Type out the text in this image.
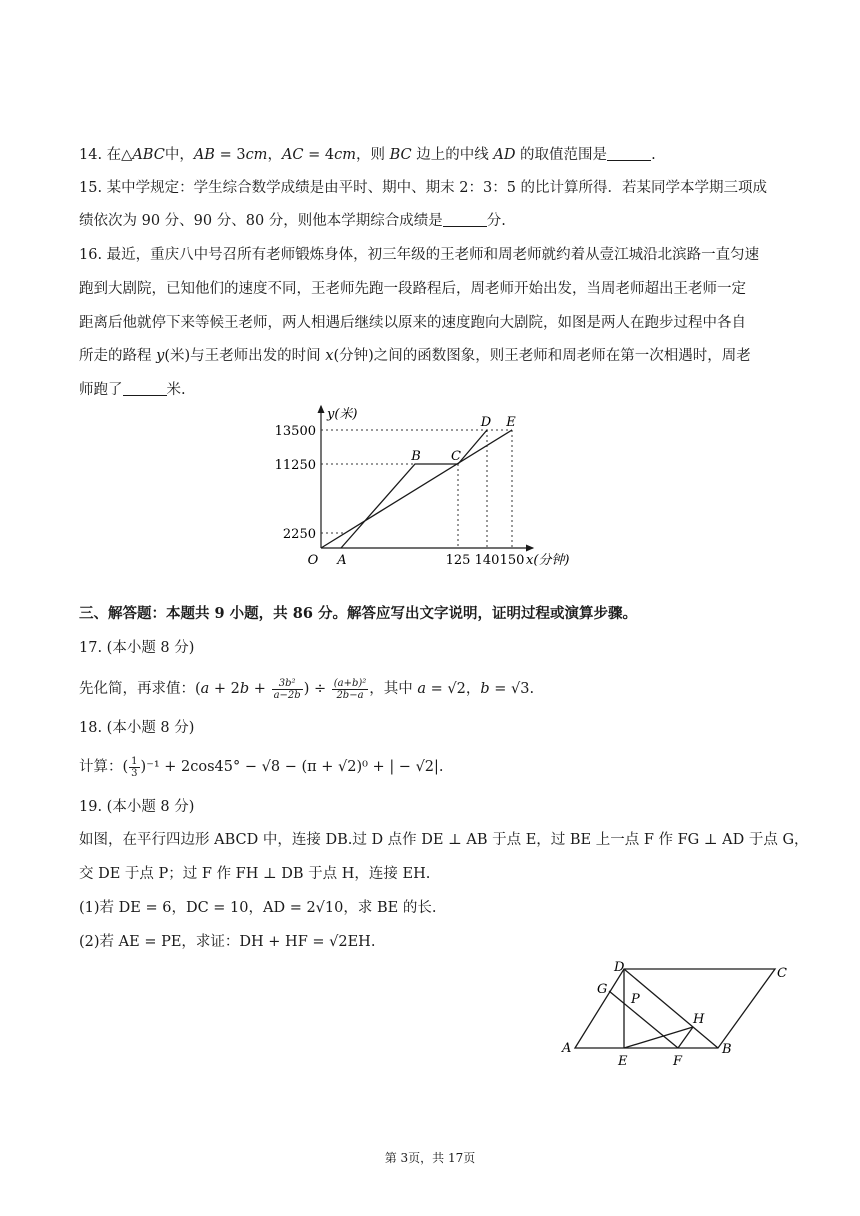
14. 在△ABC中，AB = 3cm，AC = 4cm，则 BC 边上的中线 AD 的取值范围是	.
15. 某中学规定：学生综合数学成绩是由平时、期中、期末 2：3：5 的比计算所得．若某同学本学期三项成
绩依次为 90 分、90 分、80 分，则他本学期综合成绩是	分.
16. 最近，重庆八中号召所有老师锻炼身体，初三年级的王老师和周老师就约着从壹江城沿北滨路一直匀速
跑到大剧院，已知他们的速度不同，王老师先跑一段路程后，周老师开始出发，当周老师超出王老师一定
距离后他就停下来等候王老师，两人相遇后继续以原来的速度跑向大剧院，如图是两人在跑步过程中各自
所走的路程 y(米)与王老师出发的时间 x(分钟)之间的函数图象，则王老师和周老师在第一次相遇时，周老
师跑了	米.
13500
11250
2250
125 140 150
O
y(米)
x(分钟)
A
B C
D E
三、解答题：本题共 9 小题，共 86 分。解答应写出文字说明，证明过程或演算步骤。
17. (本小题 8 分)
先化简，再求值：($a + 2b + \frac{\text{3b²}}{a-2b}$ ) ÷ $\frac{\text{(a+b)²}}{2b-a}$ ，其中 a = √2，b = √3.
18. (本小题 8 分)
计算：( $\frac{1}{3} )^{-1} + 2\cos 45^\circ - √8 - (\pi + √2)^0$ + | − √2|.
19. (本小题 8 分)
如图，在平行四边形 ABCD 中，连接 DB.过 D 点作 DE ⊥ AB 于点 E，过 BE 上一点 F 作 FG ⊥ AD 于点 G，
交 DE 于点 P；过 F 作 FH ⊥ DB 于点 H，连接 EH.
(1)若 DE = 6，DC = 10，AD = 2√10，求 BE 的长.
(2)若 AE = PE，求证：DH + HF = √2EH.
A	B
C
D
E	F
G
H
P
第 3页，共 17页
